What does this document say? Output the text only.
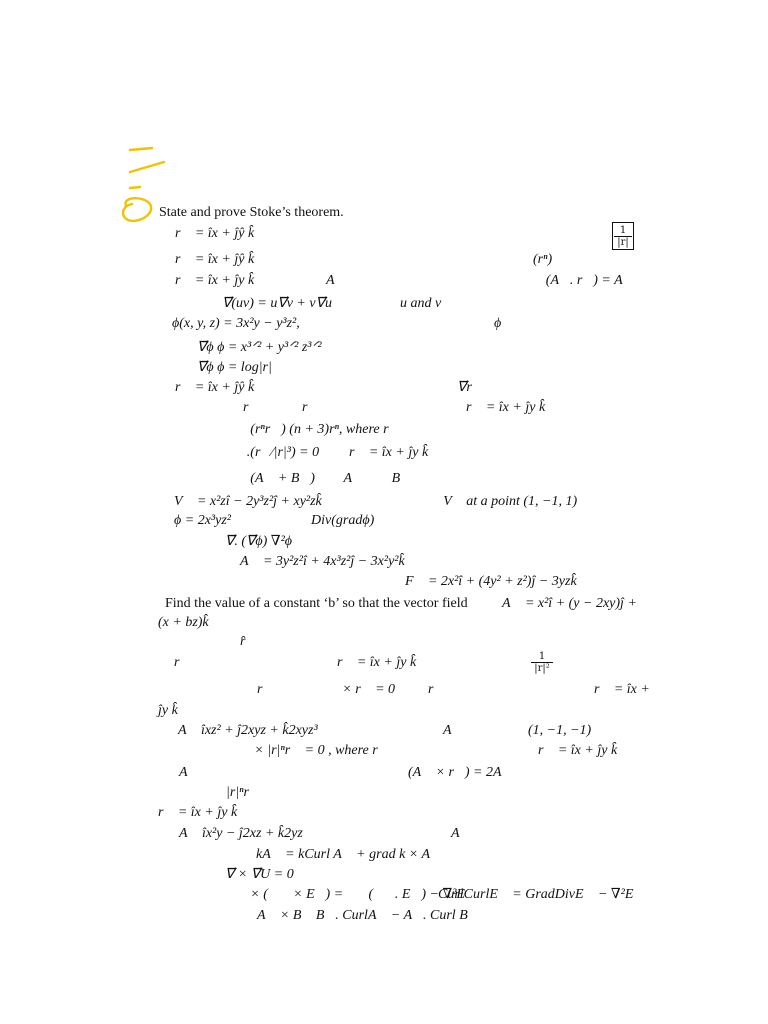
$\frac{1}{|r|}$
State and prove Stoke’s theorem.
r⃗ = îx + ĵŷ k̂
r⃗ = îx + ĵŷ k̂	(rⁿ)
r⃗ = îx + ĵy k̂	A⃗	∇⃗(A⃗. r⃗) = A⃗
∇⃗(uv) = u∇⃗v + v∇⃗u	u and v
ϕ(x, y, z) = 3x²y − y³z²,	ϕ
∇⃗ϕ ϕ = x³ᐟ² + y³ᐟ² z³ᐟ²
∇⃗ϕ ϕ = log|r|
r⃗ = îx + ĵŷ k̂	∇⃗r
r⃗	r⃗	r⃗ = îx + ĵy k̂
∇⃗ (rⁿr⃗) (n + 3)rⁿ, where r⃗
∇⃗.(r⃗⁄|r|³) = 0 r⃗ = îx + ĵy k̂
∇⃗ (A⃗ + B⃗) ∇⃗ A⃗ ∇⃗ B⃗
V⃗ = x²zî − 2y³z²ĵ + xy²zk̂	∇⃗ V⃗ at a point (1, −1, 1)
ϕ = 2x³yz²	Div(gradϕ)
∇⃗. (∇⃗ϕ) ∇²ϕ
A⃗ = 3y²z²î + 4x³z²ĵ − 3x²y²k̂
F⃗ = 2x²î + (4y² + z²)ĵ − 3yzk̂
Find the value of a constant ‘b’ so that the vector field A⃗ = x²î + (y − 2xy)ĵ +
(x + bz)k̂
r̂
r⃗	r⃗ = îx + ĵy k̂	$\frac{1}{\text{|r|²}}$
r⃗	∇⃗ × r⃗ = 0 r⃗	r⃗ = îx +
ĵy k̂
A⃗ îxz² + ĵ2xyz + k̂2xyz³	A⃗	(1, −1, −1)
∇⃗ × |r|ⁿr⃗ = 0 , where r⃗	r⃗ = îx + ĵy k̂
A⃗	(A⃗ × r⃗) = 2A⃗
|r|ⁿr⃗
r⃗ = îx + ĵy k̂
A⃗ îx²y − ĵ2xz + k̂2yz	A⃗
kA⃗ = kCurl A⃗ + grad k × A⃗
∇⃗ × ∇⃗U = 0
∇⃗ × (∇⃗ × E⃗) = ∇⃗(∇⃗. E⃗) − ∇²E⃗
CurlCurlE⃗ = GradDivE⃗ − ∇²E⃗
A⃗ × B⃗ B⃗. CurlA⃗ − A⃗. Curl B⃗
